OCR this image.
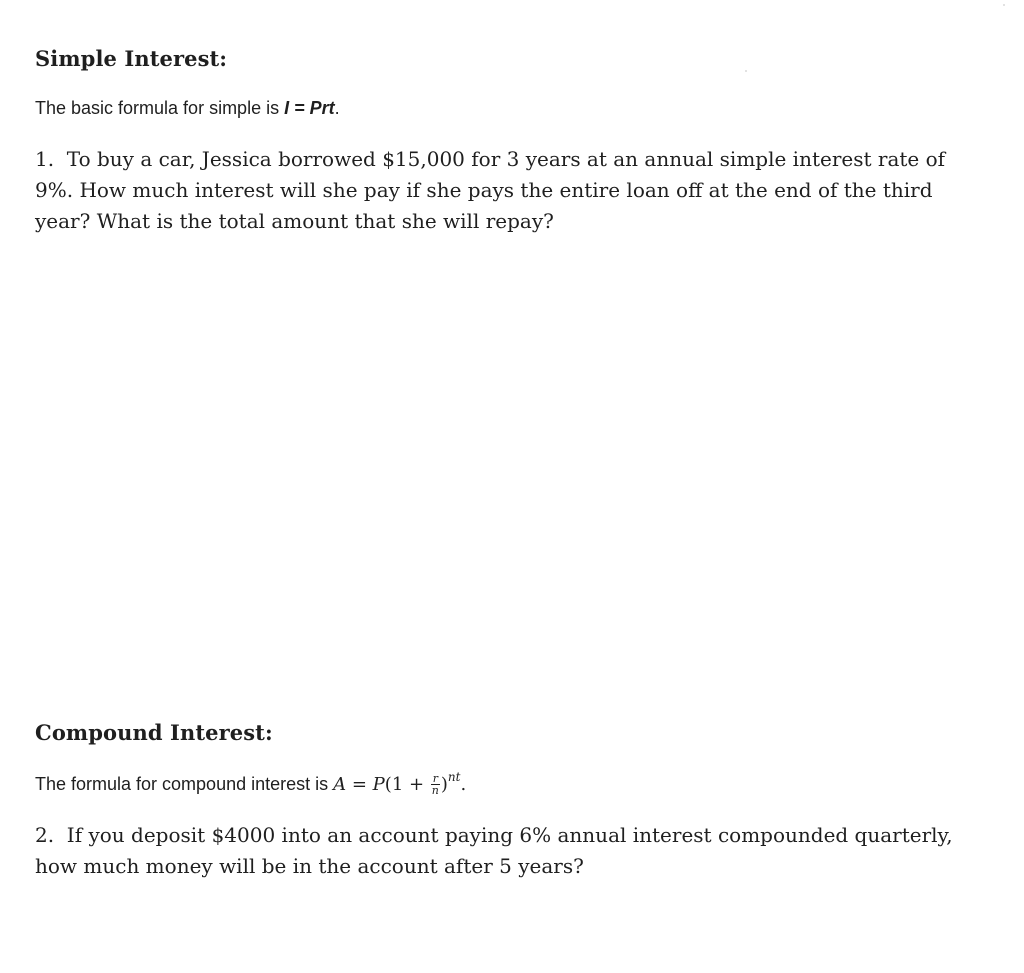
Simple Interest:
The basic formula for simple is I = Prt.
1.  To buy a car, Jessica borrowed $15,000 for 3 years at an annual simple interest rate of
9%. How much interest will she pay if she pays the entire loan off at the end of the third
year? What is the total amount that she will repay?
Compound Interest:
The formula for compound interest is $A = P(1 + \frac{r}{n} )^{nt}$.
2.  If you deposit $4000 into an account paying 6% annual interest compounded quarterly,
how much money will be in the account after 5 years?
